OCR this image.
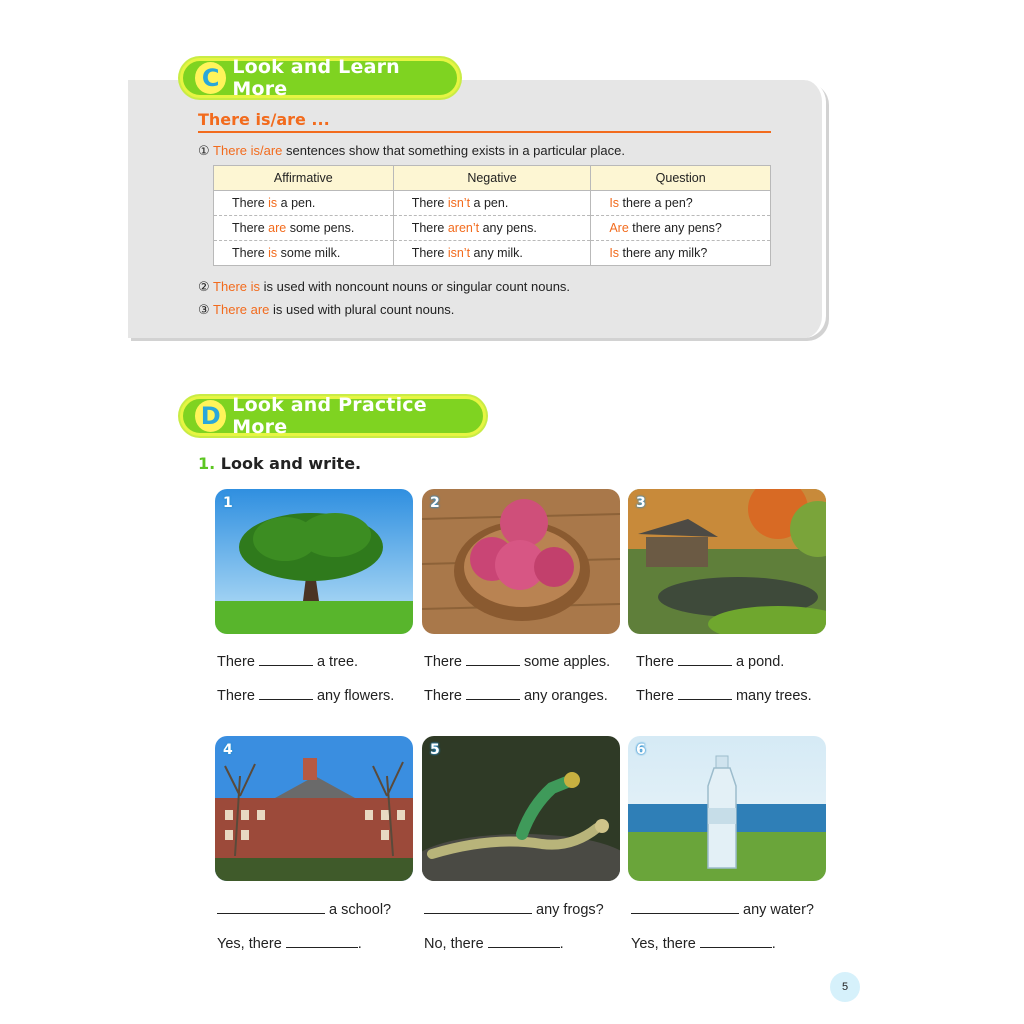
C Look and Learn More
There is/are ...
① There is/are sentences show that something exists in a particular place.
Affirmative	Negative	Question
There is a pen.	There isn’t a pen.	Is there a pen?
There are some pens.	There aren’t any pens.	Are there any pens?
There is some milk.	There isn’t any milk.	Is there any milk?
② There is is used with noncount nouns or singular count nouns.
③ There are is used with plural count nouns.
D Look and Practice More
1. Look and write.
1	2	3
4	5	6
There	a tree.
There	any flowers.
There	some apples.
There	any oranges.
There	a pond.
There	many trees.
a school?
Yes, there	.
any frogs?
No, there	.
any water?
Yes, there	.
5
